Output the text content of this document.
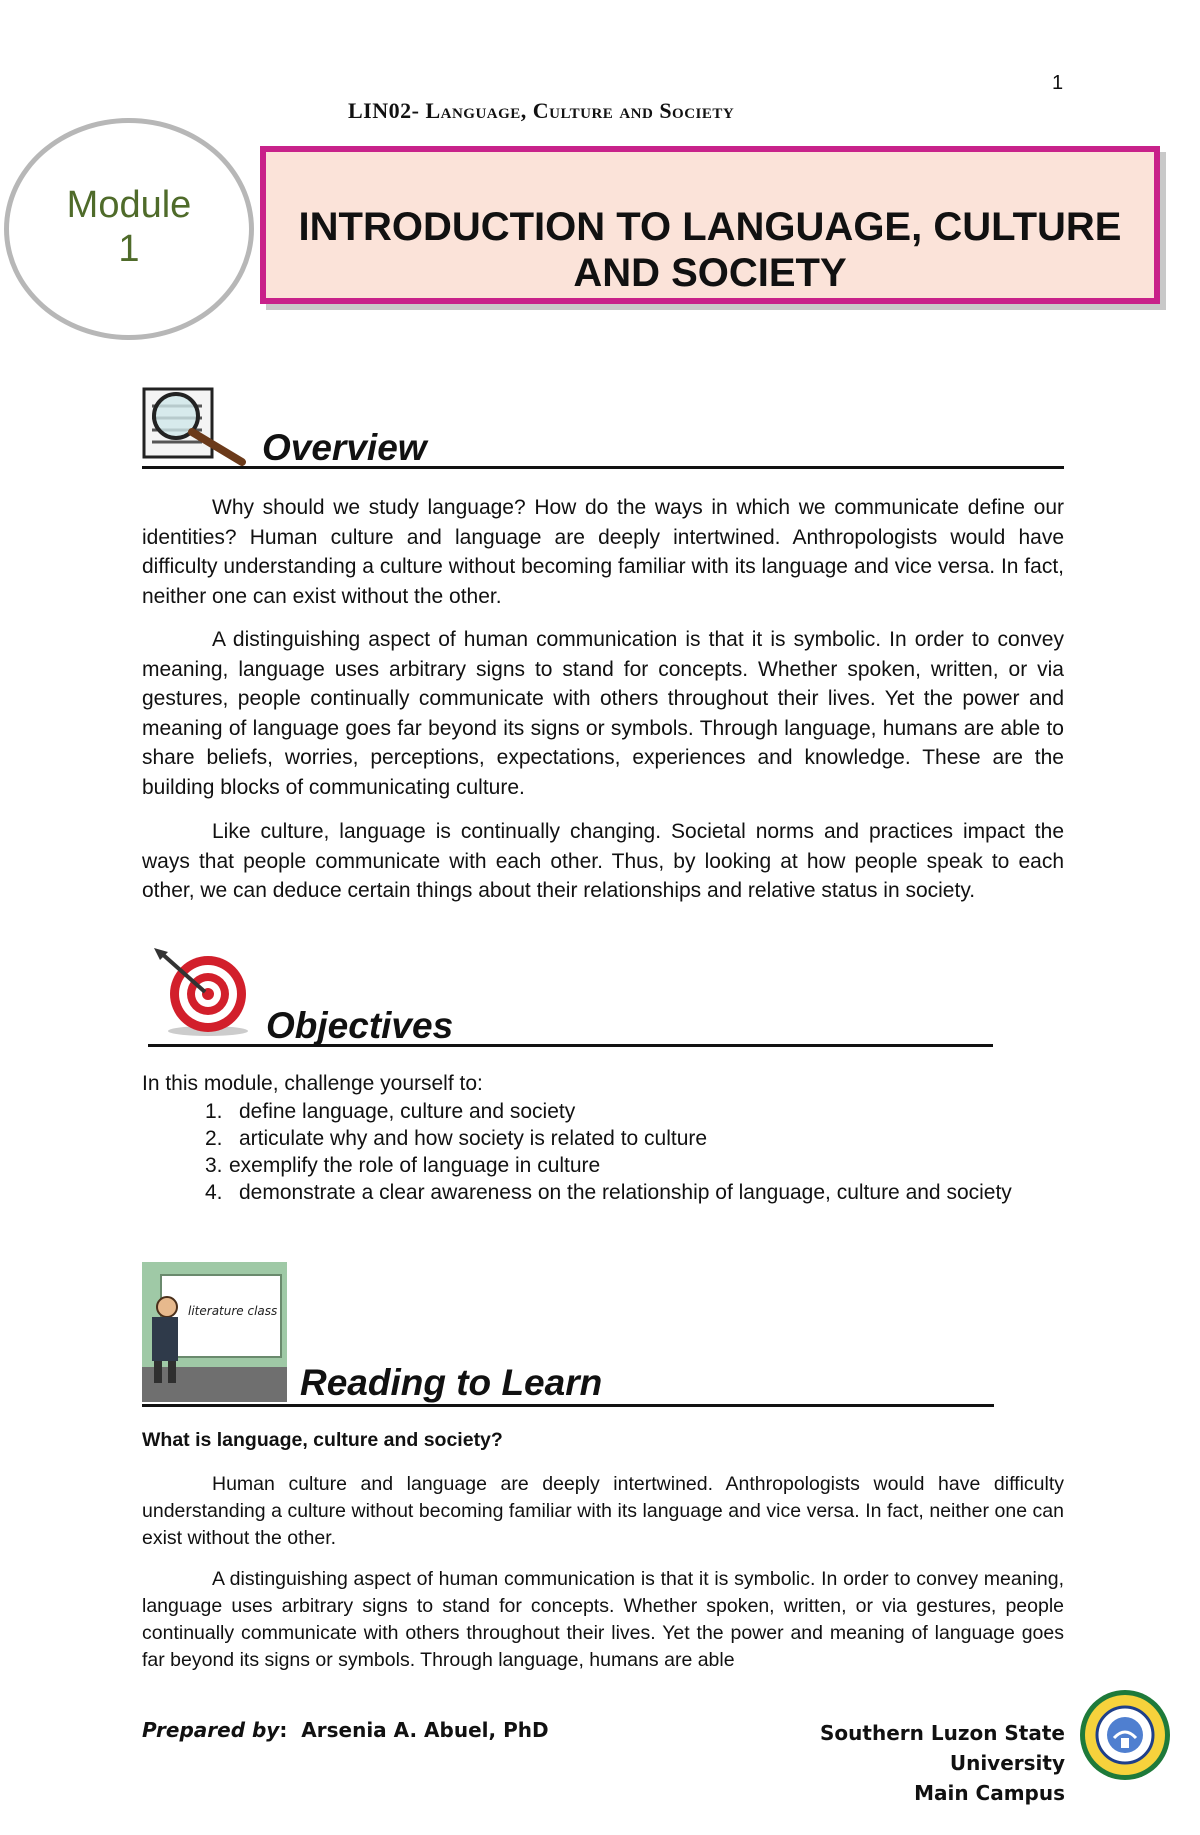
1
LIN02- Language, Culture and Society
Module
1	INTRODUCTION TO LANGUAGE, CULTURE
AND SOCIETY
Overview
Why should we study language? How do the ways in which we communicate define our identities? Human culture and language are deeply intertwined. Anthropologists would have difficulty understanding a culture without becoming familiar with its language and vice versa. In fact, neither one can exist without the other.
A distinguishing aspect of human communication is that it is symbolic. In order to convey meaning, language uses arbitrary signs to stand for concepts. Whether spoken, written, or via gestures, people continually communicate with others throughout their lives. Yet the power and meaning of language goes far beyond its signs or symbols. Through language, humans are able to share beliefs, worries, perceptions, expectations, experiences and knowledge. These are the building blocks of communicating culture.
Like culture, language is continually changing. Societal norms and practices impact the ways that people communicate with each other. Thus, by looking at how people speak to each other, we can deduce certain things about their relationships and relative status in society.
Objectives
In this module, challenge yourself to:
1. define language, culture and society
2. articulate why and how society is related to culture
3. exemplify the role of language in culture
4. demonstrate a clear awareness on the relationship of language, culture and society
literature class
Reading to Learn
What is language, culture and society?
Human culture and language are deeply intertwined. Anthropologists would have difficulty understanding a culture without becoming familiar with its language and vice versa. In fact, neither one can exist without the other.
A distinguishing aspect of human communication is that it is symbolic. In order to convey meaning, language uses arbitrary signs to stand for concepts. Whether spoken, written, or via gestures, people continually communicate with others throughout their lives. Yet the power and meaning of language goes far beyond its signs or symbols. Through language, humans are able
Prepared by:  Arsenia A. Abuel, PhD	Southern Luzon State University
Main Campus
